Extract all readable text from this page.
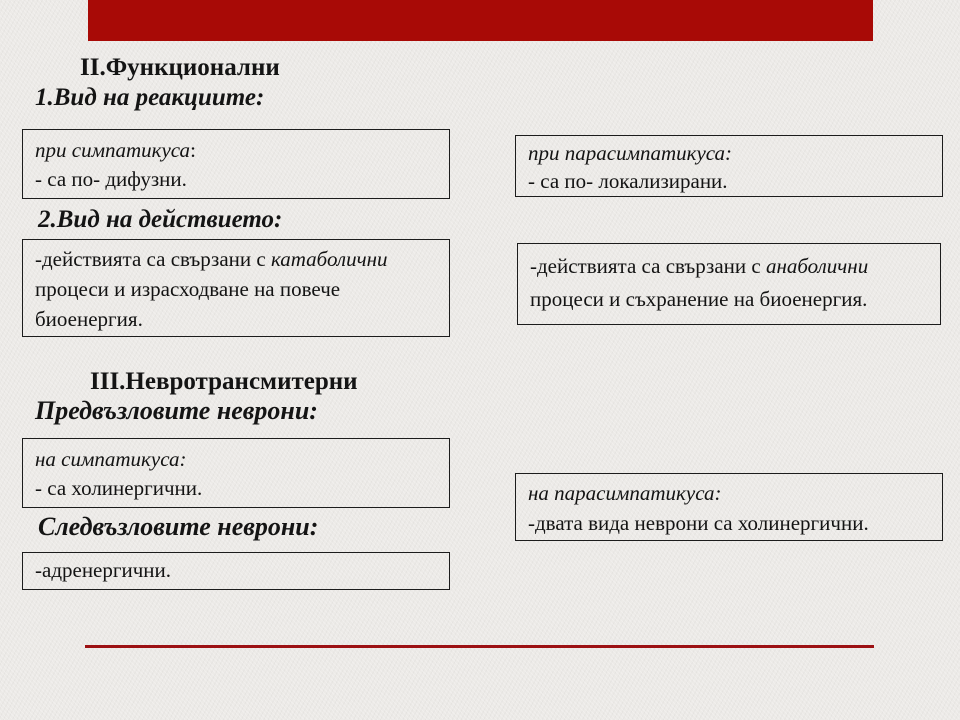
II.Функционални
1.Вид на реакциите:
при симпатикуса:
- са по- дифузни.
при парасимпатикуса:
- са по- локализирани.
2.Вид на действието:
-действията са свързани с катаболични
процеси и израсходване на повече
биоенергия.
-действията са свързани с анаболични
процеси и съхранение на биоенергия.
III.Невротрансмитерни
Предвъзловите неврони:
на симпатикуса:
- са холинергични.	на парасимпатикуса:
-двата вида неврони са холинергични.
Следвъзловите неврони:
-адренергични.
